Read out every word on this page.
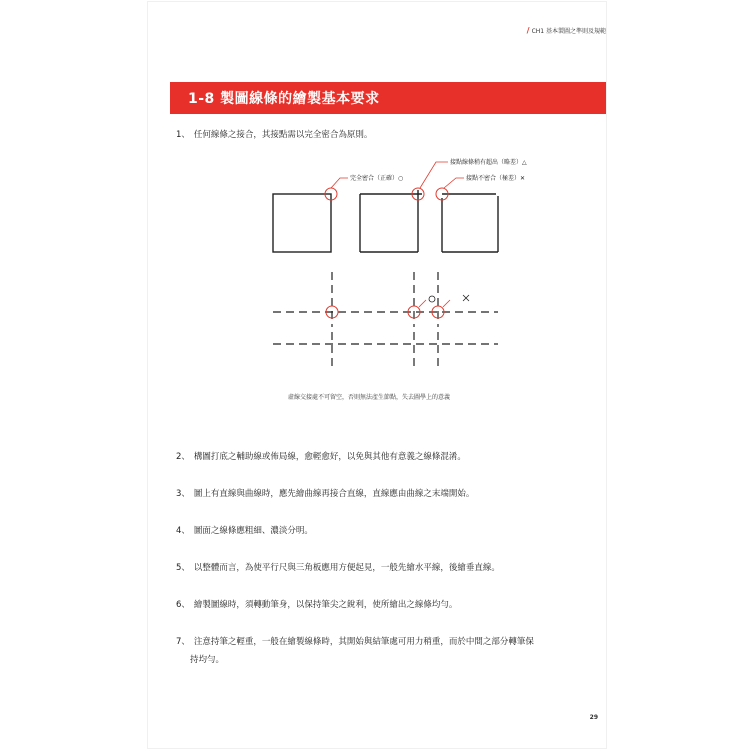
/ CH1 基本製圖之準則及規範
1-8 製圖線條的繪製基本要求
1、 任何線條之接合，其接點需以完全密合為原則。
完全密合（正確）○
接點線條稍有超出（略差）△
接點不密合（極差）✕
虛線交接處不可留空，否則無法產生節點，失去圖學上的意義
2、 構圖打底之輔助線或佈局線，愈輕愈好，以免與其他有意義之線條混淆。
3、 圖上有直線與曲線時，應先繪曲線再接合直線，直線應由曲線之末端開始。
4、 圖面之線條應粗細、濃淡分明。
5、 以整體而言，為使平行尺與三角板應用方便起見，一般先繪水平線，後繪垂直線。
6、 繪製圖線時，須轉動筆身，以保持筆尖之銳利，使所繪出之線條均勻。
7、 注意持筆之輕重，一般在繪製線條時，其開始與結筆處可用力稍重，而於中間之部分轉筆保
持均勻。
29
